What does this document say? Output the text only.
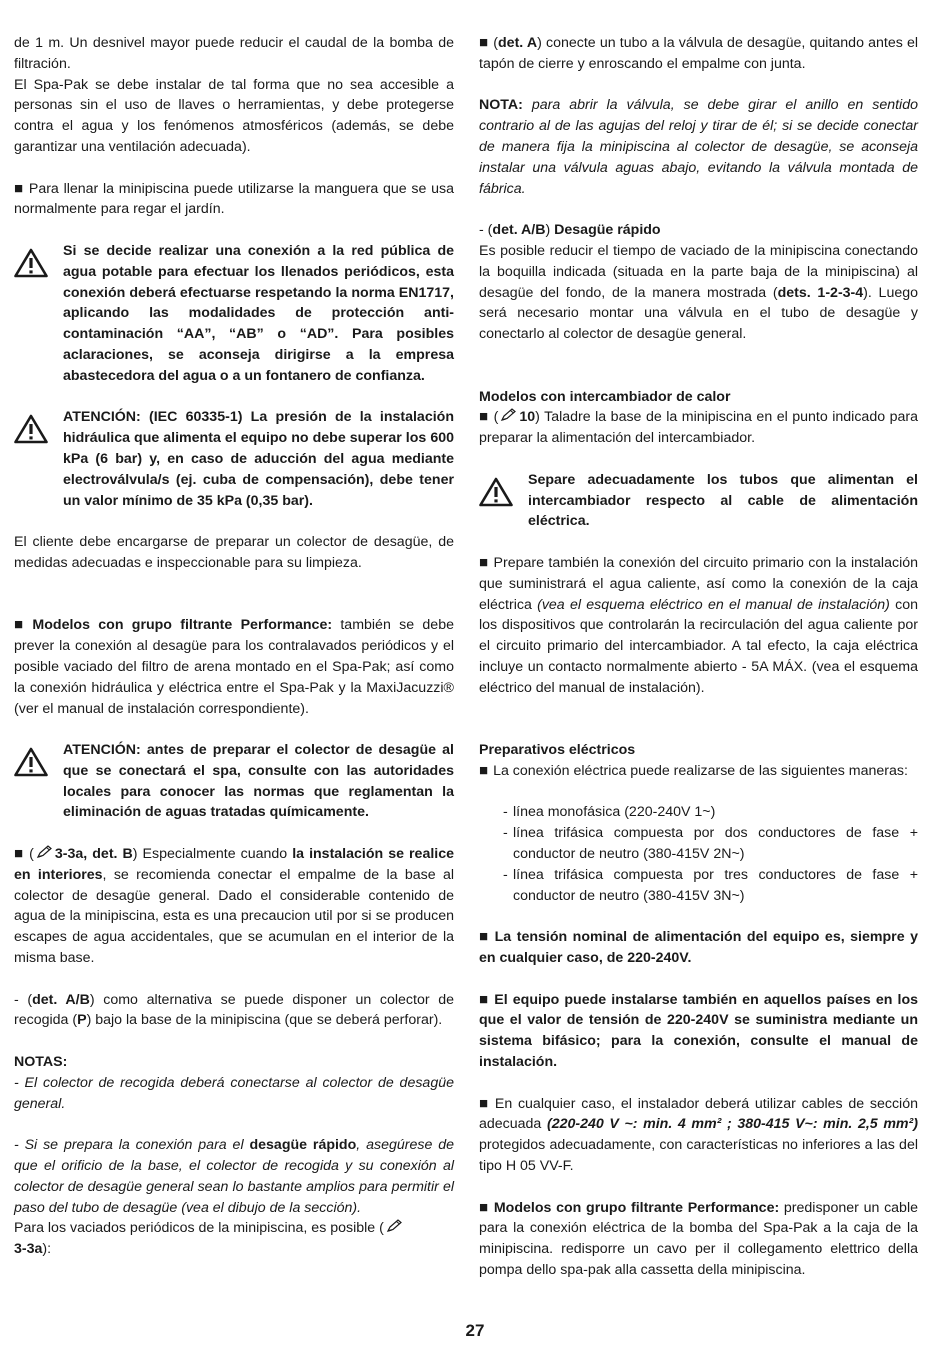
de 1 m. Un desnivel mayor puede reducir el caudal de la bomba de filtración.

El Spa-Pak se debe instalar de tal forma que no sea accesible a personas sin el uso de llaves o herramientas, y debe protegerse contra el agua y los fenómenos atmosféricos (además, se debe garantizar una ventilación adecuada).

■ Para llenar la minipiscina puede utilizarse la manguera que se usa normalmente para regar el jardín.

Si se decide realizar una conexión a la red pública de agua potable para efectuar los llenados periódicos, esta conexión deberá efectuarse respetando la norma EN1717, aplicando las modalidades de protección anti-contaminación “AA”, “AB” o “AD”. Para posibles aclaraciones, se aconseja dirigirse a la empresa abastecedora del agua o a un fontanero de confianza.
ATENCIÓN: (IEC 60335-1) La presión de la instalación hidráulica que alimenta el equipo no debe superar los 600 kPa (6 bar) y, en caso de aducción del agua mediante electroválvula/s (ej. cuba de compensación), debe tener un valor mínimo de 35 kPa (0,35 bar).

El cliente debe encargarse de preparar un colector de desagüe, de medidas adecuadas e inspeccionable para su limpieza.

■ Modelos con grupo filtrante Performance: también se debe prever la conexión al desagüe para los contralavados periódicos y el posible vaciado del filtro de arena montado en el Spa-Pak; así como la conexión hidráulica y eléctrica entre el Spa-Pak y la MaxiJacuzzi® (ver el manual de instalación correspondiente).

ATENCIÓN: antes de preparar el colector de desagüe al que se conectará el spa, consulte con las autoridades locales para conocer las normas que reglamentan la eliminación de aguas tratadas químicamente.

■ ( 3-3a, det. B) Especialmente cuando la instalación se realice en interiores, se recomienda conectar el empalme de la base al colector de desagüe general. Dado el considerable contenido de agua de la minipiscina, esta es una precaucion util por si se producen escapes de agua accidentales, que se acumulan en el interior de la misma base.

- (det. A/B) como alternativa se puede disponer un colector de recogida (P) bajo la base de la minipiscina (que se deberá perforar).

NOTAS:

- El colector de recogida deberá conectarse al colector de desagüe general.

- Si se prepara la conexión para el desagüe rápido, asegúrese de que el orificio de la base, el colector de recogida y su conexión al colector de desagüe general sean lo bastante amplios para permitir el paso del tubo de desagüe (vea el dibujo de la sección).

Para los vaciados periódicos de la minipiscina, es posible (
3-3a):

■ (det. A) conecte un tubo a la válvula de desagüe, quitando antes el tapón de cierre y enroscando el empalme con junta.

NOTA: para abrir la válvula, se debe girar el anillo en sentido contrario al de las agujas del reloj y tirar de él; si se decide conectar de manera fija la minipiscina al colector de desagüe, se aconseja instalar una válvula aguas abajo, evitando la válvula montada de fábrica.

- (det. A/B) Desagüe rápido

Es posible reducir el tiempo de vaciado de la minipiscina conectando la boquilla indicada (situada en la parte baja de la minipiscina) al desagüe del fondo, de la manera mostrada (dets. 1-2-3-4). Luego será necesario montar una válvula en el tubo de desagüe y conectarlo al colector de desagüe general.

Modelos con intercambiador de calor

■ ( 10) Taladre la base de la minipiscina en el punto indicado para preparar la alimentación del intercambiador.

Separe adecuadamente los tubos que alimentan el intercambiador respecto al cable de alimentación eléctrica.

■ Prepare también la conexión del circuito primario con la instalación que suministrará el agua caliente, así como la conexión de la caja eléctrica (vea el esquema eléctrico en el manual de instalación) con los dispositivos que controlarán la recirculación del agua caliente por el circuito primario del intercambiador. A tal efecto, la caja eléctrica incluye un contacto normalmente abierto - 5A MÁX. (vea el esquema eléctrico del manual de instalación).

Preparativos eléctricos

■ La conexión eléctrica puede realizarse de las siguientes maneras:

- línea monofásica (220-240V 1~)
- línea trifásica compuesta por dos conductores de fase + conductor de neutro (380-415V 2N~)
- línea trifásica compuesta por tres conductores de fase + conductor de neutro (380-415V 3N~)

■ La tensión nominal de alimentación del equipo es, siempre y en cualquier caso, de 220-240V.

■ El equipo puede instalarse también en aquellos países en los que el valor de tensión de 220-240V se suministra mediante un sistema bifásico; para la conexión, consulte el manual de instalación.

■ En cualquier caso, el instalador deberá utilizar cables de sección adecuada (220-240 V ~: min. 4 mm² ; 380-415 V~: min. 2,5 mm²) protegidos adecuadamente, con características no inferiores a las del tipo H 05 VV-F.

■ Modelos con grupo filtrante Performance: predisponer un cable para la conexión eléctrica de la bomba del Spa-Pak a la caja de la minipiscina. redisporre un cavo per il collegamento elettrico della pompa dello spa-pak alla cassetta della minipiscina.

27
